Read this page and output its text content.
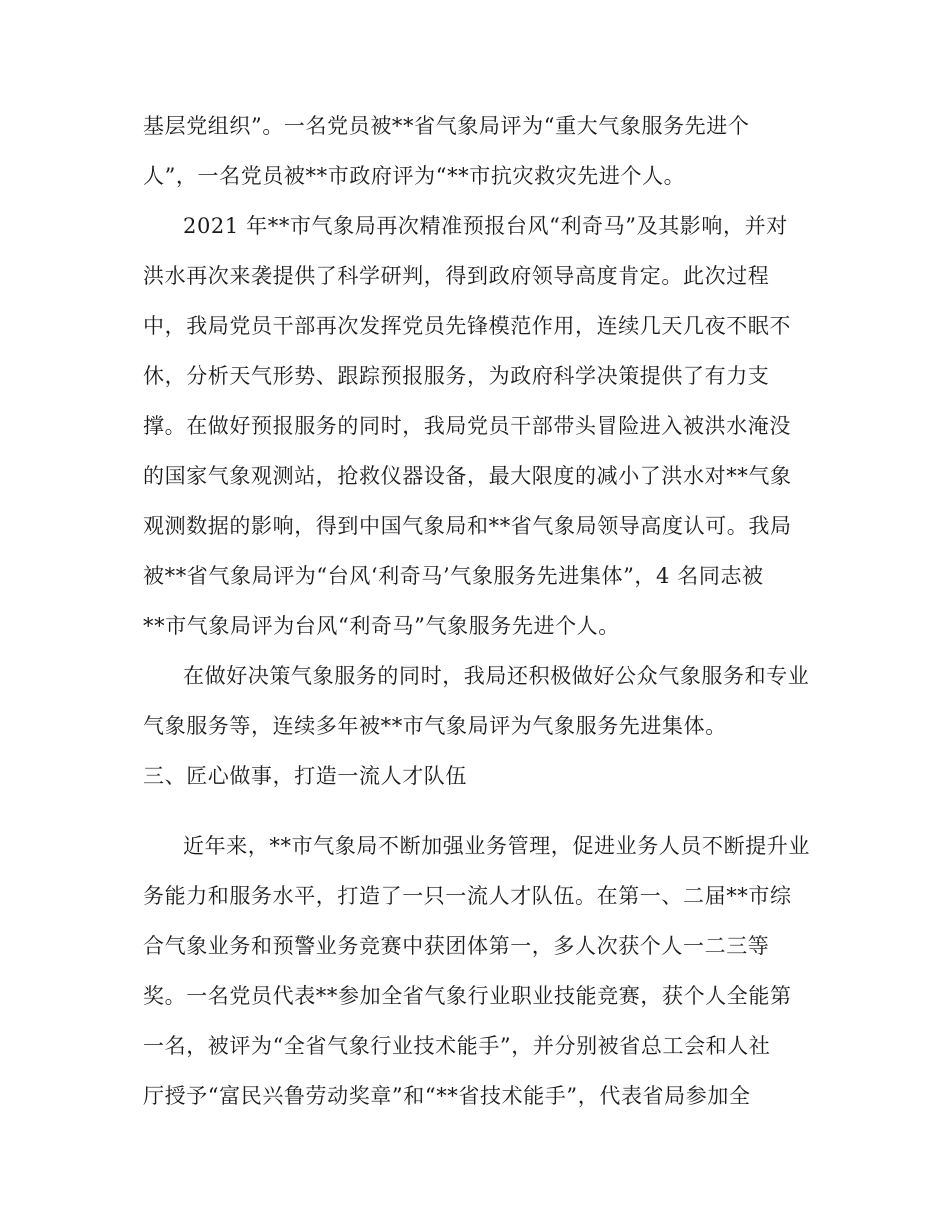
基层党组织”。一名党员被**省气象局评为“重大气象服务先进个
人”，一名党员被**市政府评为“**市抗灾救灾先进个人。
2021 年**市气象局再次精准预报台风“利奇马”及其影响，并对
洪水再次来袭提供了科学研判，得到政府领导高度肯定。此次过程
中，我局党员干部再次发挥党员先锋模范作用，连续几天几夜不眠不
休，分析天气形势、跟踪预报服务，为政府科学决策提供了有力支
撑。在做好预报服务的同时，我局党员干部带头冒险进入被洪水淹没
的国家气象观测站，抢救仪器设备，最大限度的减小了洪水对**气象
观测数据的影响，得到中国气象局和**省气象局领导高度认可。我局
被**省气象局评为“台风‘利奇马’气象服务先进集体”，4 名同志被
**市气象局评为台风“利奇马”气象服务先进个人。
在做好决策气象服务的同时，我局还积极做好公众气象服务和专业
气象服务等，连续多年被**市气象局评为气象服务先进集体。
三、匠心做事，打造一流人才队伍
近年来，**市气象局不断加强业务管理，促进业务人员不断提升业
务能力和服务水平，打造了一只一流人才队伍。在第一、二届**市综
合气象业务和预警业务竞赛中获团体第一，多人次获个人一二三等
奖。一名党员代表**参加全省气象行业职业技能竞赛，获个人全能第
一名，被评为“全省气象行业技术能手”，并分别被省总工会和人社
厅授予“富民兴鲁劳动奖章”和“**省技术能手”，代表省局参加全
